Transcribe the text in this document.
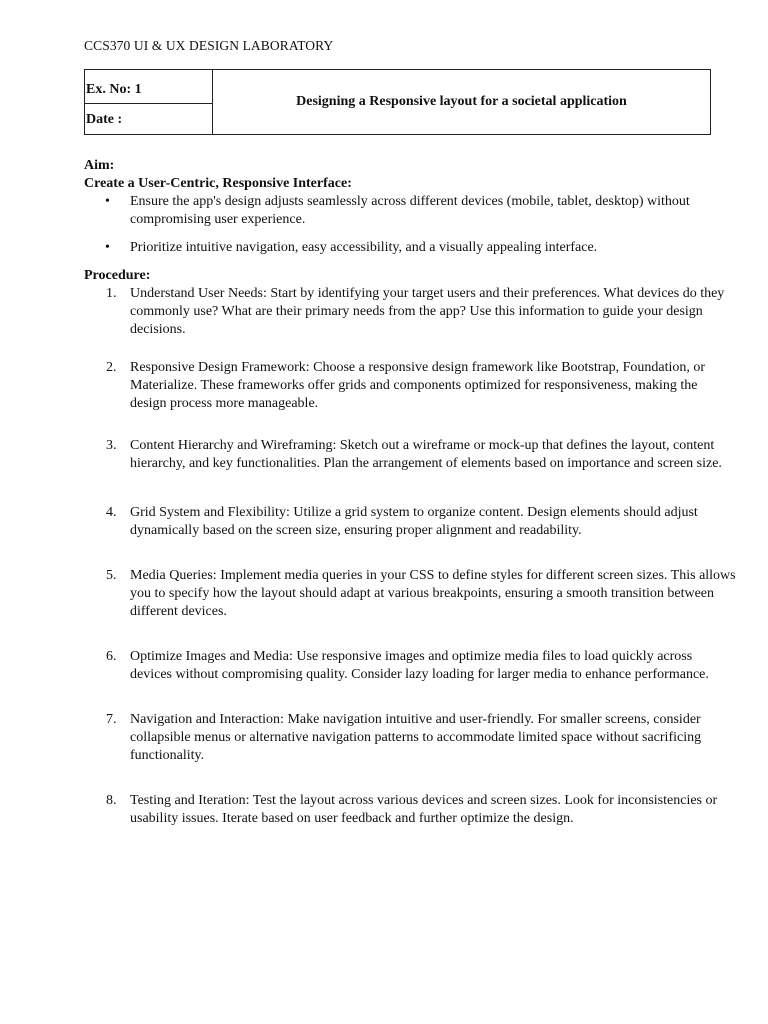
CCS370 UI & UX DESIGN LABORATORY
Ex. No: 1
Date :
Designing a Responsive layout for a societal application
Aim:
Create a User-Centric, Responsive Interface:
• Ensure the app's design adjusts seamlessly across different devices (mobile, tablet, desktop) without compromising user experience.
• Prioritize intuitive navigation, easy accessibility, and a visually appealing interface.
Procedure:
1. Understand User Needs: Start by identifying your target users and their preferences. What devices do they commonly use? What are their primary needs from the app? Use this information to guide your design decisions.
2. Responsive Design Framework: Choose a responsive design framework like Bootstrap, Foundation, or Materialize. These frameworks offer grids and components optimized for responsiveness, making the design process more manageable.
3. Content Hierarchy and Wireframing: Sketch out a wireframe or mock-up that defines the layout, content hierarchy, and key functionalities. Plan the arrangement of elements based on importance and screen size.
4. Grid System and Flexibility: Utilize a grid system to organize content. Design elements should adjust dynamically based on the screen size, ensuring proper alignment and readability.
5. Media Queries: Implement media queries in your CSS to define styles for different screen sizes. This allows you to specify how the layout should adapt at various breakpoints, ensuring a smooth transition between different devices.
6. Optimize Images and Media: Use responsive images and optimize media files to load quickly across devices without compromising quality. Consider lazy loading for larger media to enhance performance.
7. Navigation and Interaction: Make navigation intuitive and user-friendly. For smaller screens, consider collapsible menus or alternative navigation patterns to accommodate limited space without sacrificing functionality.
8. Testing and Iteration: Test the layout across various devices and screen sizes. Look for inconsistencies or usability issues. Iterate based on user feedback and further optimize the design.
